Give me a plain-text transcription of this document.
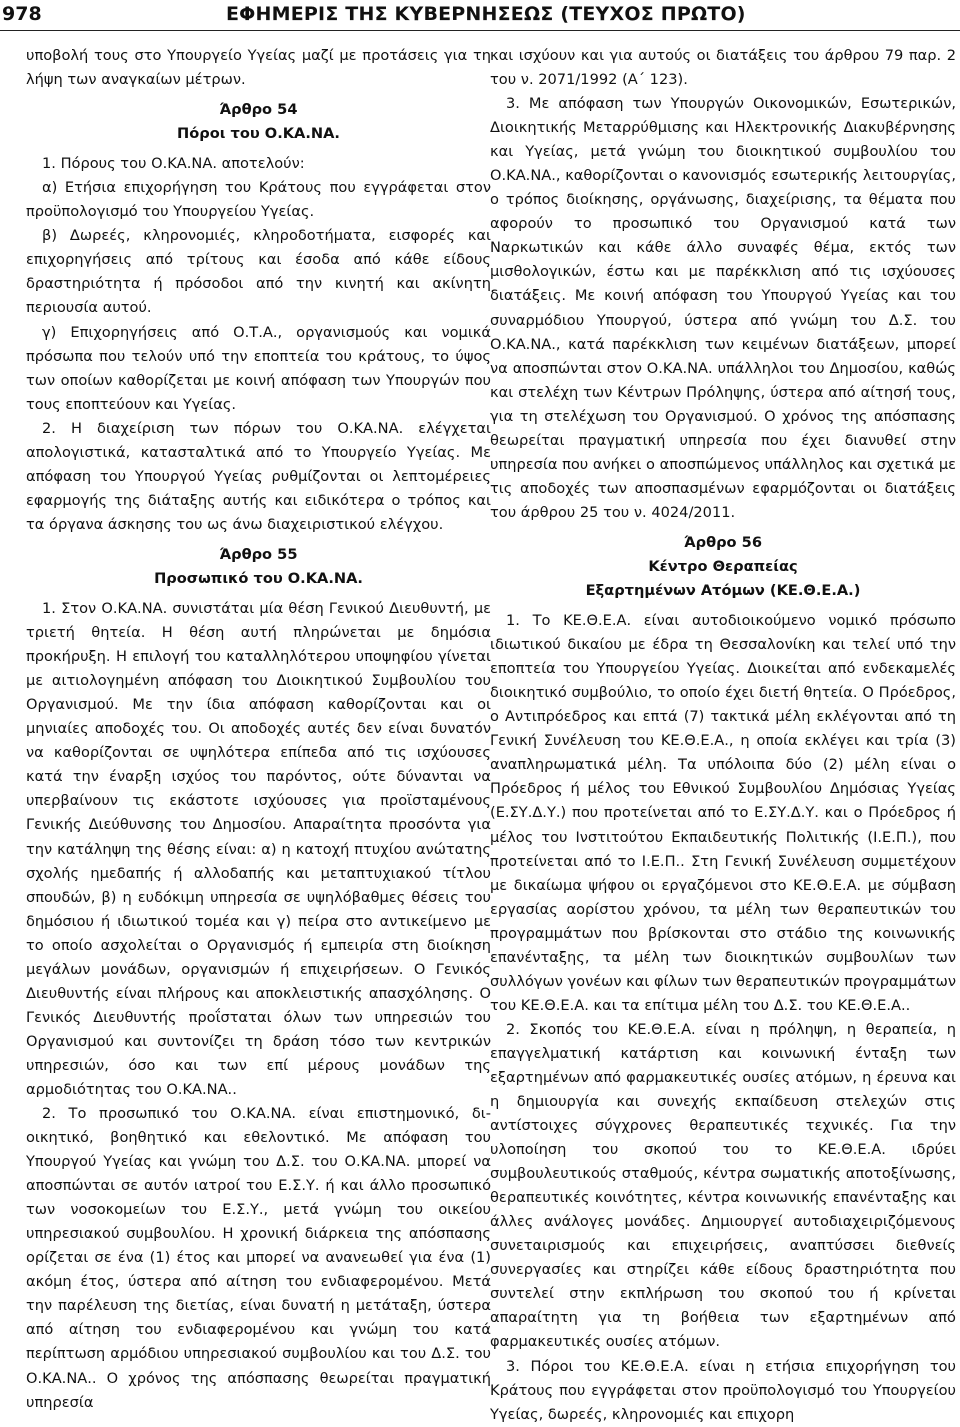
978	ΕΦΗΜΕΡΙΣ ΤΗΣ ΚΥΒΕΡΝΗΣΕΩΣ (ΤΕΥΧΟΣ ΠΡΩΤΟ)

υποβολή τους στο Υπουργείο Υγείας μαζί με προτάσεις για τη λήψη των αναγκαίων μέτρων.

Άρθρο 54

Πόροι του Ο.ΚΑ.ΝΑ.

1. Πόρους του Ο.ΚΑ.ΝΑ. αποτελούν:

α) Ετήσια επιχορήγηση του Κράτους που εγγράφεται στον προϋπολογισμό του Υπουργείου Υγείας.

β) Δωρεές, κληρονομιές, κληροδοτήματα, εισφορές και επιχορηγήσεις από τρίτους και έσοδα από κάθε είδους δραστηριότητα ή πρόσοδοι από την κινητή και ακίνητη περιουσία αυτού.

γ) Επιχορηγήσεις από Ο.Τ.Α., οργανισμούς και νομικά πρόσωπα που τελούν υπό την εποπτεία του κράτους, το ύψος των οποίων καθορίζεται με κοινή απόφαση των Υπουργών που τους εποπτεύουν και Υγείας.

2. Η διαχείριση των πόρων του Ο.ΚΑ.ΝΑ. ελέγχεται απολογιστικά, κατασταλτικά από το Υπουργείο Υγείας. Με απόφαση του Υπουργού Υγείας ρυθμίζονται οι λεπτομέρειες εφαρμογής της διάταξης αυτής και ειδικότερα ο τρόπος και τα όργανα άσκησης του ως άνω διαχειριστικού ελέγχου.

Άρθρο 55

Προσωπικό του Ο.ΚΑ.ΝΑ.

1. Στον Ο.ΚΑ.ΝΑ. συνιστάται μία θέση Γενικού Διευθυντή, με τριετή θητεία. Η θέση αυτή πληρώνεται με δημόσια προκήρυξη. Η επιλογή του καταλληλότερου υποψηφίου γίνεται με αιτιολογημένη απόφαση του Διοικητικού Συμβουλίου του Οργανισμού. Με την ίδια απόφαση καθορίζονται και οι μηνιαίες αποδοχές του. Οι αποδοχές αυτές δεν είναι δυνατόν να καθορίζονται σε υψηλότερα επίπεδα από τις ισχύουσες κατά την έναρξη ισχύος του παρόντος, ούτε δύνανται να υπερβαίνουν τις εκάστοτε ισχύουσες για προϊσταμένους Γενικής Διεύθυνσης του Δημοσίου. Απαραίτητα προσόντα για την κατάληψη της θέσης είναι: α) η κατοχή πτυχίου ανώτατης σχολής ημεδαπής ή αλλοδαπής και μεταπτυχιακού τίτλου σπουδών, β) η ευδόκιμη υπηρεσία σε υψηλόβαθμες θέσεις του δημόσιου ή ιδιωτικού τομέα και γ) πείρα στο αντικείμενο με το οποίο ασχολείται ο Οργανισμός ή εμπειρία στη διοίκηση μεγάλων μονάδων, οργανισμών ή επιχειρήσεων. Ο Γενικός Διευθυντής είναι πλήρους και αποκλειστικής απασχόλησης. Ο Γενικός Διευθυντής προΐσταται όλων των υπηρεσιών του Οργανισμού και συντονίζει τη δράση τόσο των κεντρικών υπηρεσιών, όσο και των επί μέρους μονάδων της αρμοδιότητας του Ο.ΚΑ.ΝΑ..

2. Το προσωπικό του Ο.ΚΑ.ΝΑ. είναι επιστημονικό, διοικητικό, βοηθητικό και εθελοντικό. Με απόφαση του Υπουργού Υγείας και γνώμη του Δ.Σ. του Ο.ΚΑ.ΝΑ. μπορεί να αποσπώνται σε αυτόν ιατροί του Ε.Σ.Υ. ή και άλλο προσωπικό των νοσοκομείων του Ε.Σ.Υ., μετά γνώμη του οικείου υπηρεσιακού συμβουλίου. Η χρονική διάρκεια της απόσπασης ορίζεται σε ένα (1) έτος και μπορεί να ανανεωθεί για ένα (1) ακόμη έτος, ύστερα από αίτηση του ενδιαφερομένου. Μετά την παρέλευση της διετίας, είναι δυνατή η μετάταξη, ύστερα από αίτηση του ενδιαφερομένου και γνώμη του κατά περίπτωση αρμόδιου υπηρεσιακού συμβουλίου και του Δ.Σ. του Ο.ΚΑ.ΝΑ.. Ο χρόνος της απόσπασης θεωρείται πραγματική υπηρεσία

και ισχύουν και για αυτούς οι διατάξεις του άρθρου 79 παρ. 2 του ν. 2071/1992 (Α΄ 123).

3. Με απόφαση των Υπουργών Οικονομικών, Εσωτερικών, Διοικητικής Μεταρρύθμισης και Ηλεκτρονικής Διακυβέρνησης και Υγείας, μετά γνώμη του διοικητικού συμβουλίου του Ο.ΚΑ.ΝΑ., καθορίζονται ο κανονισμός εσωτερικής λειτουργίας, ο τρόπος διοίκησης, οργάνωσης, διαχείρισης, τα θέματα που αφορούν το προσωπικό του Οργανισμού κατά των Ναρκωτικών και κάθε άλλο συναφές θέμα, εκτός των μισθολογικών, έστω και με παρέκκλιση από τις ισχύουσες διατάξεις. Με κοινή απόφαση του Υπουργού Υγείας και του συναρμόδιου Υπουργού, ύστερα από γνώμη του Δ.Σ. του Ο.ΚΑ.ΝΑ., κατά παρέκκλιση των κειμένων διατάξεων, μπορεί να αποσπώνται στον Ο.ΚΑ.ΝΑ. υπάλληλοι του Δημοσίου, καθώς και στελέχη των Κέντρων Πρόληψης, ύστερα από αίτησή τους, για τη στελέχωση του Οργανισμού. Ο χρόνος της απόσπασης θεωρείται πραγματική υπηρεσία που έχει διανυθεί στην υπηρεσία που ανήκει ο αποσπώμενος υπάλληλος και σχετικά με τις αποδοχές των αποσπασμένων εφαρμόζονται οι διατάξεις του άρθρου 25 του ν. 4024/2011.

Άρθρο 56

Κέντρο Θεραπείας

Εξαρτημένων Ατόμων (ΚΕ.Θ.Ε.Α.)

1. Το ΚΕ.Θ.Ε.Α. είναι αυτοδιοικούμενο νομικό πρόσωπο ιδιωτικού δικαίου με έδρα τη Θεσσαλονίκη και τελεί υπό την εποπτεία του Υπουργείου Υγείας. Διοικείται από ενδεκαμελές διοικητικό συμβούλιο, το οποίο έχει διετή θητεία. Ο Πρόεδρος, ο Αντιπρόεδρος και επτά (7) τακτικά μέλη εκλέγονται από τη Γενική Συνέλευση του ΚΕ.Θ.Ε.Α., η οποία εκλέγει και τρία (3) αναπληρωματικά μέλη. Τα υπόλοιπα δύο (2) μέλη είναι ο Πρόεδρος ή μέλος του Εθνικού Συμβουλίου Δημόσιας Υγείας (Ε.ΣΥ.Δ.Υ.) που προτείνεται από το Ε.ΣΥ.Δ.Υ. και ο Πρόεδρος ή μέλος του Ινστιτούτου Εκπαιδευτικής Πολιτικής (Ι.Ε.Π.), που προτείνεται από το Ι.Ε.Π.. Στη Γενική Συνέλευση συμμετέχουν με δικαίωμα ψήφου οι εργαζόμενοι στο ΚΕ.Θ.Ε.Α. με σύμβαση εργασίας αορίστου χρόνου, τα μέλη των θεραπευτικών του προγραμμάτων που βρίσκονται στο στάδιο της κοινωνικής επανένταξης, τα μέλη των διοικητικών συμβουλίων των συλλόγων γονέων και φίλων των θεραπευτικών προγραμμάτων του ΚΕ.Θ.Ε.Α. και τα επίτιμα μέλη του Δ.Σ. του ΚΕ.Θ.Ε.Α..

2. Σκοπός του ΚΕ.Θ.Ε.Α. είναι η πρόληψη, η θεραπεία, η επαγγελματική κατάρτιση και κοινωνική ένταξη των εξαρτημένων από φαρμακευτικές ουσίες ατόμων, η έρευνα και η δημιουργία και συνεχής εκπαίδευση στελεχών στις αντίστοιχες σύγχρονες θεραπευτικές τεχνικές. Για την υλοποίηση του σκοπού του το ΚΕ.Θ.Ε.Α. ιδρύει συμβουλευτικούς σταθμούς, κέντρα σωματικής αποτοξίνωσης, θεραπευτικές κοινότητες, κέντρα κοινωνικής επανένταξης και άλλες ανάλογες μονάδες. Δημιουργεί αυτοδιαχειριζόμενους συνεταιρισμούς και επιχειρήσεις, αναπτύσσει διεθνείς συνεργασίες και στηρίζει κάθε είδους δραστηριότητα που συντελεί στην εκπλήρωση του σκοπού του ή κρίνεται απαραίτητη για τη βοήθεια των εξαρτημένων από φαρμακευτικές ουσίες ατόμων.

3. Πόροι του ΚΕ.Θ.Ε.Α. είναι η ετήσια επιχορήγηση του Κράτους που εγγράφεται στον προϋπολογισμό του Υπουργείου Υγείας, δωρεές, κληρονομιές και επιχορη
